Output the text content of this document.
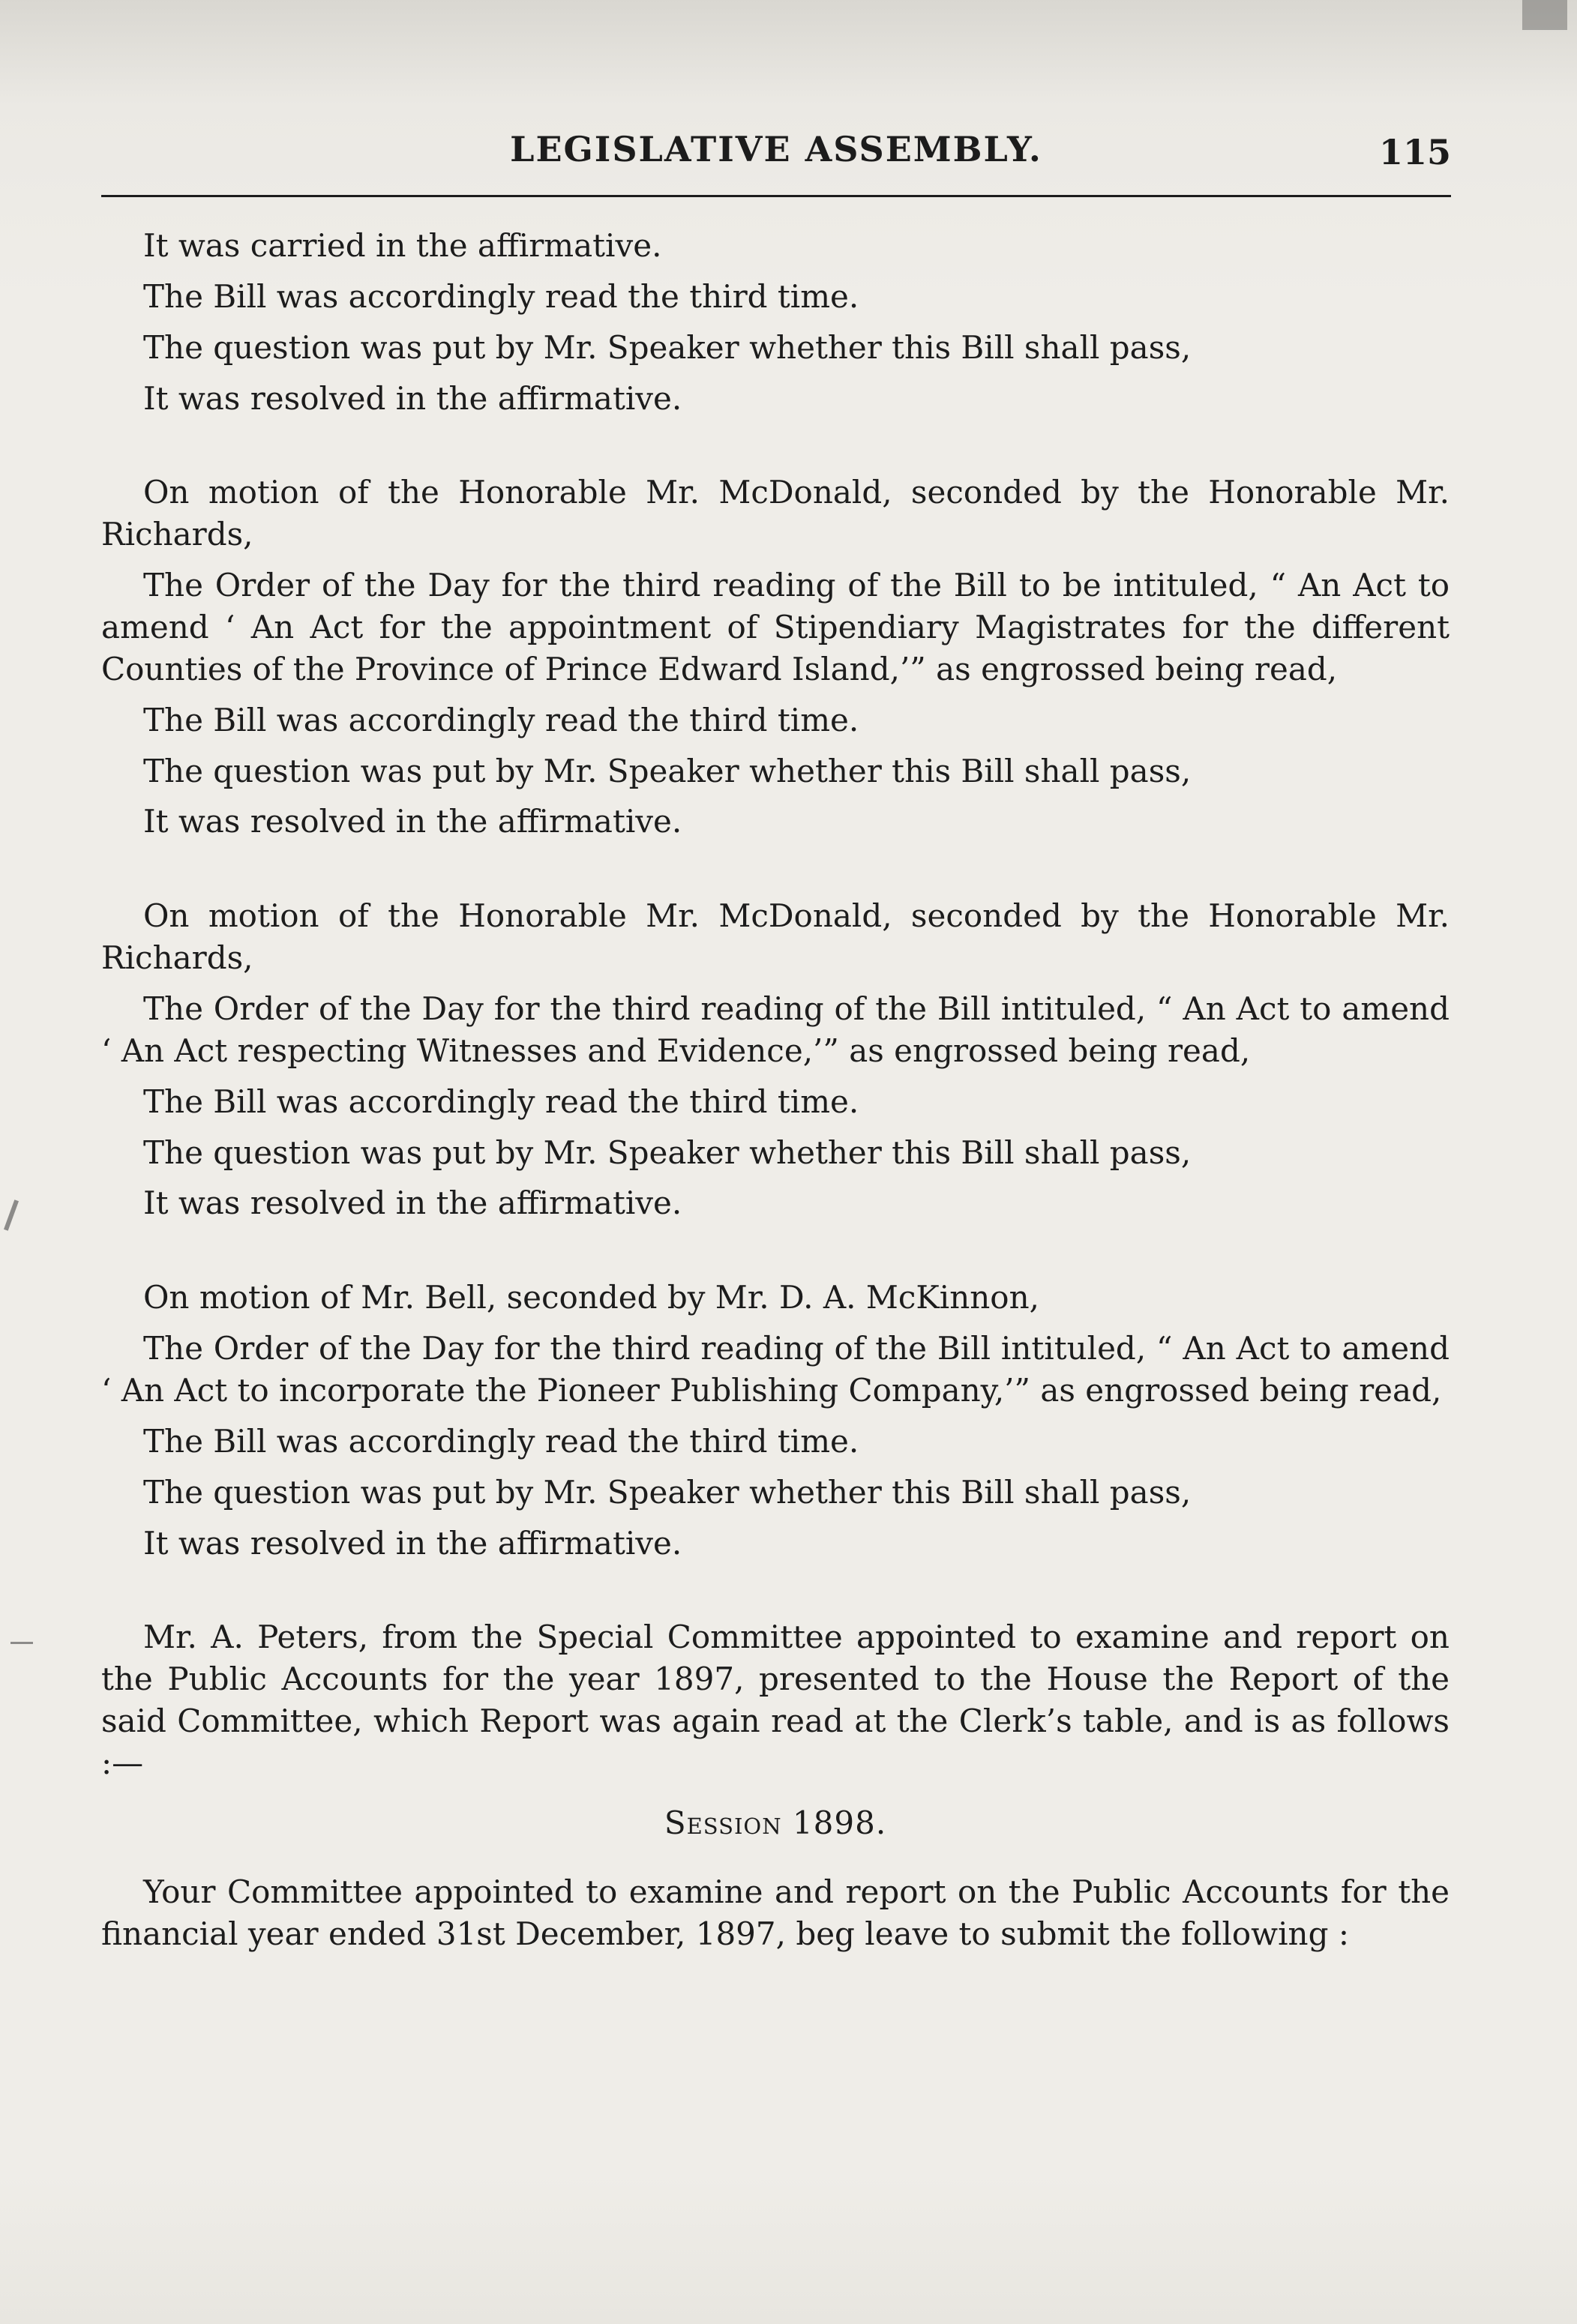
LEGISLATIVE ASSEMBLY.	115

It was carried in the affirmative.

The Bill was accordingly read the third time.

The question was put by Mr. Speaker whether this Bill shall pass,

It was resolved in the affirmative.

On motion of the Honorable Mr. McDonald, seconded by the Honorable Mr. Richards,

The Order of the Day for the third reading of the Bill to be intituled, “ An Act to amend ‘ An Act for the appointment of Stipendiary Magistrates for the different Counties of the Province of Prince Edward Island,’” as engrossed being read,

The Bill was accordingly read the third time.

The question was put by Mr. Speaker whether this Bill shall pass,

It was resolved in the affirmative.

On motion of the Honorable Mr. McDonald, seconded by the Honorable Mr. Richards,

The Order of the Day for the third reading of the Bill intituled, “ An Act to amend ‘ An Act respecting Witnesses and Evidence,’” as engrossed being read,

The Bill was accordingly read the third time.

The question was put by Mr. Speaker whether this Bill shall pass,

It was resolved in the affirmative.

On motion of Mr. Bell, seconded by Mr. D. A. McKinnon,

The Order of the Day for the third reading of the Bill intituled, “ An Act to amend ‘ An Act to incorporate the Pioneer Publishing Company,’” as engrossed being read,

The Bill was accordingly read the third time.

The question was put by Mr. Speaker whether this Bill shall pass,

It was resolved in the affirmative.

Mr. A. Peters, from the Special Committee appointed to examine and report on the Public Accounts for the year 1897, presented to the House the Report of the said Committee, which Report was again read at the Clerk’s table, and is as follows :—

Session 1898.

Your Committee appointed to examine and report on the Public Accounts for the financial year ended 31st December, 1897, beg leave to submit the following :
